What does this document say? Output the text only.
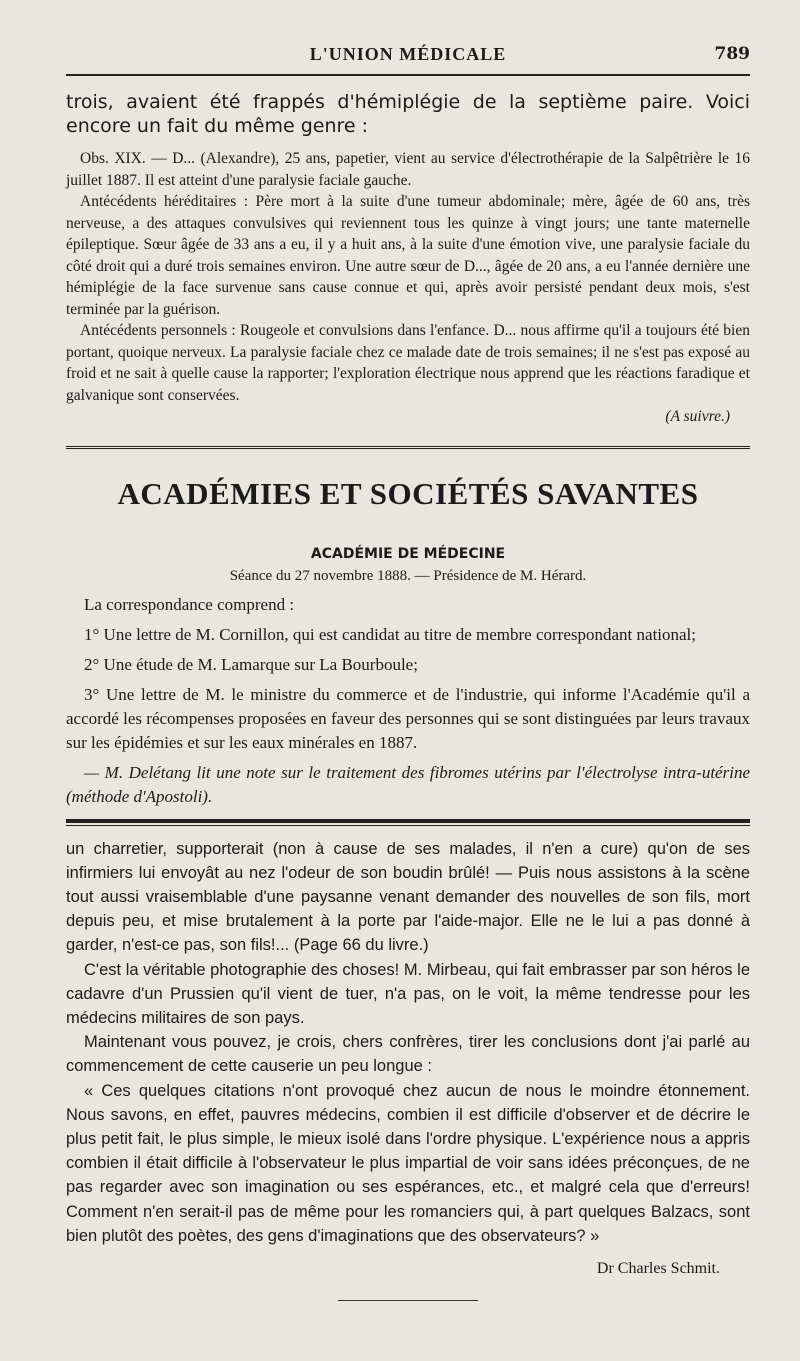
L'UNION MÉDICALE	789

trois, avaient été frappés d'hémiplégie de la septième paire. Voici encore un fait du même genre :

Obs. XIX. — D... (Alexandre), 25 ans, papetier, vient au service d'électrothérapie de la Salpêtrière le 16 juillet 1887. Il est atteint d'une paralysie faciale gauche.

Antécédents héréditaires : Père mort à la suite d'une tumeur abdominale; mère, âgée de 60 ans, très nerveuse, a des attaques convulsives qui reviennent tous les quinze à vingt jours; une tante maternelle épileptique. Sœur âgée de 33 ans a eu, il y a huit ans, à la suite d'une émotion vive, une paralysie faciale du côté droit qui a duré trois semaines environ. Une autre sœur de D..., âgée de 20 ans, a eu l'année dernière une hémiplégie de la face survenue sans cause connue et qui, après avoir persisté pendant deux mois, s'est terminée par la guérison.

Antécédents personnels : Rougeole et convulsions dans l'enfance. D... nous affirme qu'il a toujours été bien portant, quoique nerveux. La paralysie faciale chez ce malade date de trois semaines; il ne s'est pas exposé au froid et ne sait à quelle cause la rapporter; l'exploration électrique nous apprend que les réactions faradique et galvanique sont conservées.

(A suivre.)

ACADÉMIES ET SOCIÉTÉS SAVANTES
ACADÉMIE DE MÉDECINE
Séance du 27 novembre 1888. — Présidence de M. Hérard.

La correspondance comprend :

1° Une lettre de M. Cornillon, qui est candidat au titre de membre correspondant national;

2° Une étude de M. Lamarque sur La Bourboule;

3° Une lettre de M. le ministre du commerce et de l'industrie, qui informe l'Académie qu'il a accordé les récompenses proposées en faveur des personnes qui se sont distinguées par leurs travaux sur les épidémies et sur les eaux minérales en 1887.

— M. Delétang lit une note sur le traitement des fibromes utérins par l'électrolyse intra-utérine (méthode d'Apostoli).

un charretier, supporterait (non à cause de ses malades, il n'en a cure) qu'on de ses infirmiers lui envoyât au nez l'odeur de son boudin brûlé! — Puis nous assistons à la scène tout aussi vraisemblable d'une paysanne venant demander des nouvelles de son fils, mort depuis peu, et mise brutalement à la porte par l'aide-major. Elle ne le lui a pas donné à garder, n'est-ce pas, son fils!... (Page 66 du livre.)

C'est la véritable photographie des choses! M. Mirbeau, qui fait embrasser par son héros le cadavre d'un Prussien qu'il vient de tuer, n'a pas, on le voit, la même tendresse pour les médecins militaires de son pays.

Maintenant vous pouvez, je crois, chers confrères, tirer les conclusions dont j'ai parlé au commencement de cette causerie un peu longue :

« Ces quelques citations n'ont provoqué chez aucun de nous le moindre étonnement. Nous savons, en effet, pauvres médecins, combien il est difficile d'observer et de décrire le plus petit fait, le plus simple, le mieux isolé dans l'ordre physique. L'expérience nous a appris combien il était difficile à l'observateur le plus impartial de voir sans idées préconçues, de ne pas regarder avec son imagination ou ses espérances, etc., et malgré cela que d'erreurs! Comment n'en serait-il pas de même pour les romanciers qui, à part quelques Balzacs, sont bien plutôt des poètes, des gens d'imaginations que des observateurs? »

Dr Charles Schmit.
